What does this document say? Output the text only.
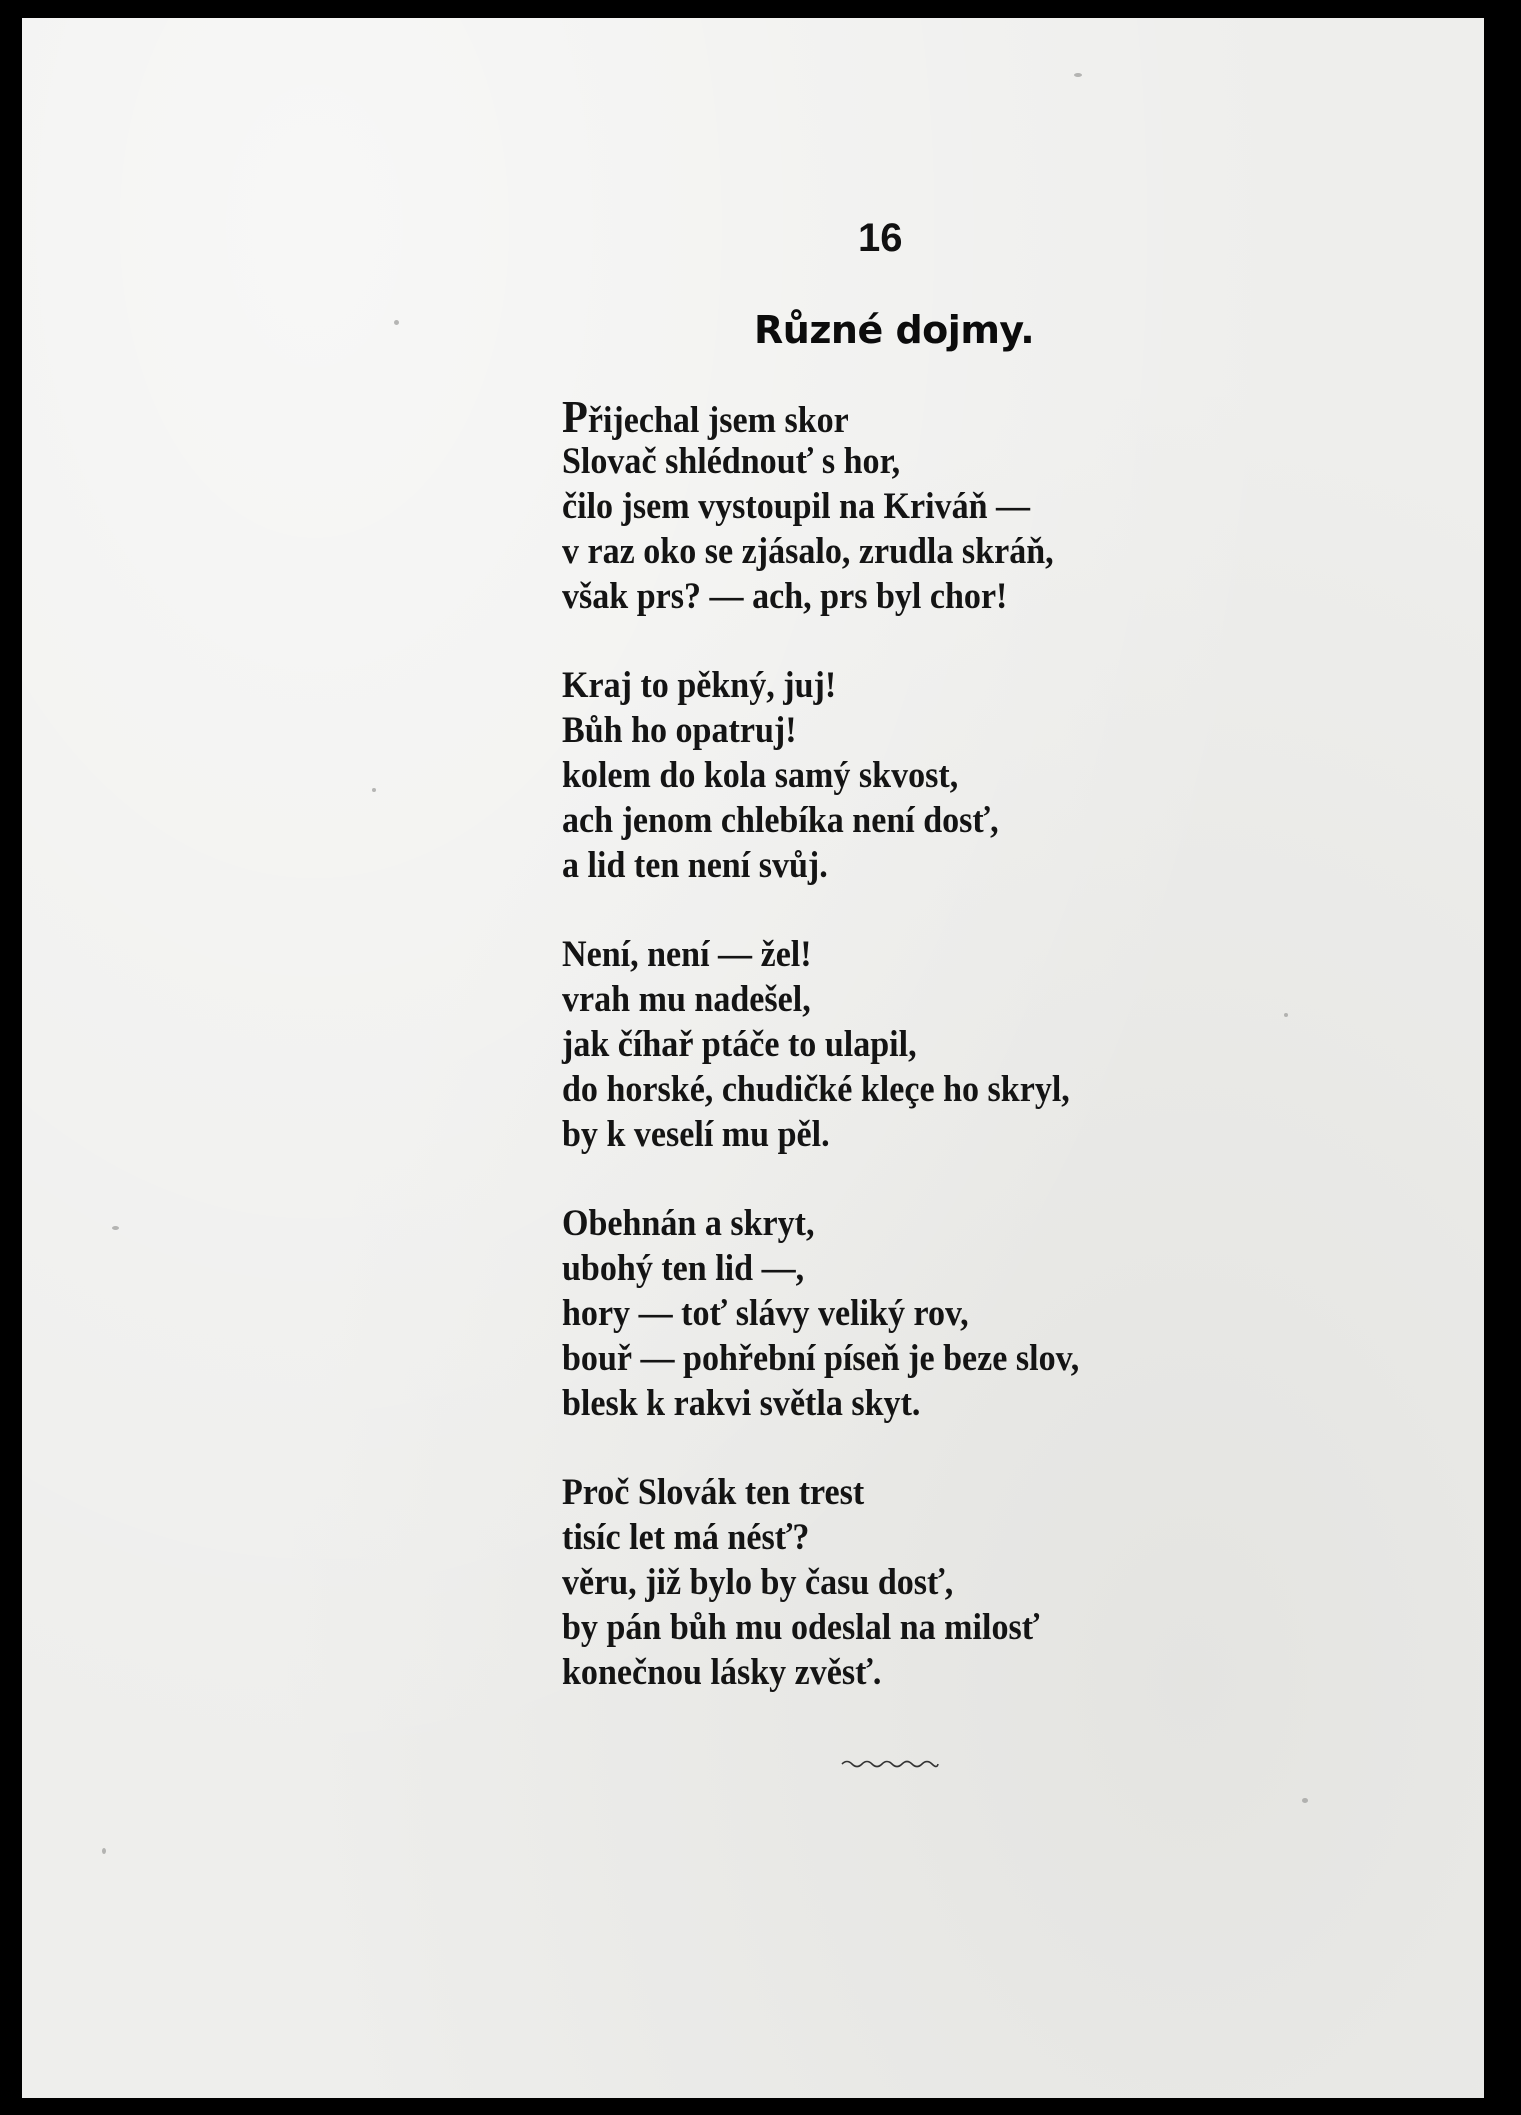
16
Různé dojmy.
Přijechal jsem skor
Slovač shlédnouť s hor,
čilo jsem vystoupil na Kriváň —
v raz oko se zjásalo, zrudla skráň,
však prs? — ach, prs byl chor!
Kraj to pěkný, juj!
Bůh ho opatruj!
kolem do kola samý skvost,
ach jenom chlebíka není dosť,
a lid ten není svůj.
Není, není — žel!
vrah mu nadešel,
jak číhař ptáče to ulapil,
do horské, chudičké kleçe ho skryl,
by k veselí mu pěl.
Obehnán a skryt,
ubohý ten lid —,
hory — toť slávy veliký rov,
bouř — pohřební píseň je beze slov,
blesk k rakvi světla skyt.
Proč Slovák ten trest
tisíc let má nésť?
věru, již bylo by času dosť,
by pán bůh mu odeslal na milosť
konečnou lásky zvěsť.
